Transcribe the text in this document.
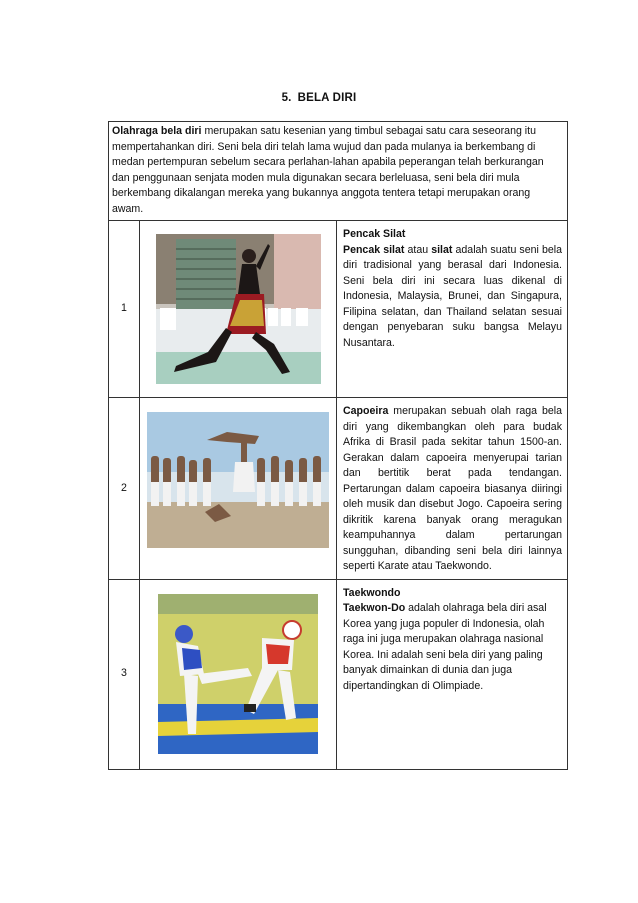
5. BELA DIRI
Olahraga bela diri merupakan satu kesenian yang timbul sebagai satu cara seseorang itu mempertahankan diri. Seni bela diri telah lama wujud dan pada mulanya ia berkembang di medan pertempuran sebelum secara perlahan-lahan apabila peperangan telah berkurangan dan penggunaan senjata moden mula digunakan secara berleluasa, seni bela diri mula berkembang dikalangan mereka yang bukannya anggota tentera tetapi merupakan orang awam.		
1		Pencak Silat
Pencak silat atau silat adalah suatu seni bela diri tradisional yang berasal dari Indonesia. Seni bela diri ini secara luas dikenal di Indonesia, Malaysia, Brunei, dan Singapura, Filipina selatan, dan Thailand selatan sesuai dengan penyebaran suku bangsa Melayu Nusantara.
2		Capoeira merupakan sebuah olah raga bela diri yang dikembangkan oleh para budak Afrika di Brasil pada sekitar tahun 1500-an. Gerakan dalam capoeira menyerupai tarian dan bertitik berat pada tendangan. Pertarungan dalam capoeira biasanya diiringi oleh musik dan disebut Jogo. Capoeira sering dikritik karena banyak orang meragukan keampuhannya dalam pertarungan sungguhan, dibanding seni bela diri lainnya seperti Karate atau Taekwondo.
3		Taekwondo
Taekwon-Do adalah olahraga bela diri asal Korea yang juga populer di Indonesia, olah raga ini juga merupakan olahraga nasional Korea. Ini adalah seni bela diri yang paling banyak dimainkan di dunia dan juga dipertandingkan di Olimpiade.
